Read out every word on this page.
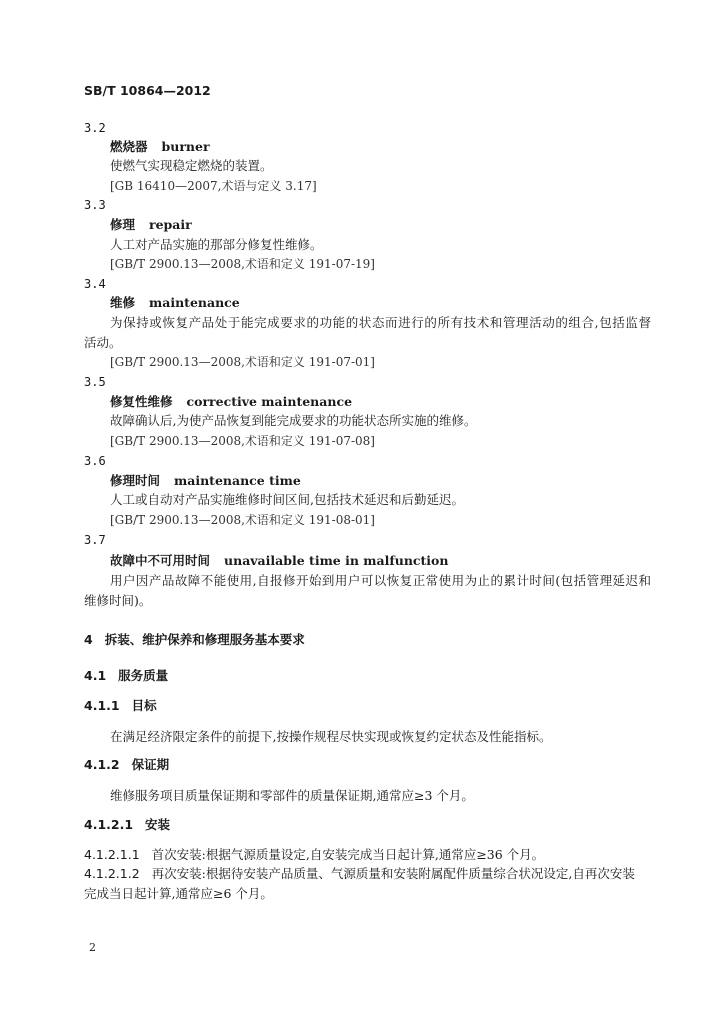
SB/T 10864—2012
3.2
燃烧器 burner
使燃气实现稳定燃烧的装置。
[GB 16410—2007,术语与定义 3.17]
3.3
修理 repair
人工对产品实施的那部分修复性维修。
[GB/T 2900.13—2008,术语和定义 191-07-19]
3.4
维修 maintenance
为保持或恢复产品处于能完成要求的功能的状态而进行的所有技术和管理活动的组合,包括监督
活动。
[GB/T 2900.13—2008,术语和定义 191-07-01]
3.5
修复性维修 corrective maintenance
故障确认后,为使产品恢复到能完成要求的功能状态所实施的维修。
[GB/T 2900.13—2008,术语和定义 191-07-08]
3.6
修理时间 maintenance time
人工或自动对产品实施维修时间区间,包括技术延迟和后勤延迟。
[GB/T 2900.13—2008,术语和定义 191-08-01]
3.7
故障中不可用时间 unavailable time in malfunction
用户因产品故障不能使用,自报修开始到用户可以恢复正常使用为止的累计时间(包括管理延迟和
维修时间)。
4 拆装、维护保养和修理服务基本要求
4.1 服务质量
4.1.1 目标
在满足经济限定条件的前提下,按操作规程尽快实现或恢复约定状态及性能指标。
4.1.2 保证期
维修服务项目质量保证期和零部件的质量保证期,通常应≥3 个月。
4.1.2.1 安装
4.1.2.1.1 首次安装:根据气源质量设定,自安装完成当日起计算,通常应≥36 个月。
4.1.2.1.2 再次安装:根据待安装产品质量、气源质量和安装附属配件质量综合状况设定,自再次安装
完成当日起计算,通常应≥6 个月。
2
